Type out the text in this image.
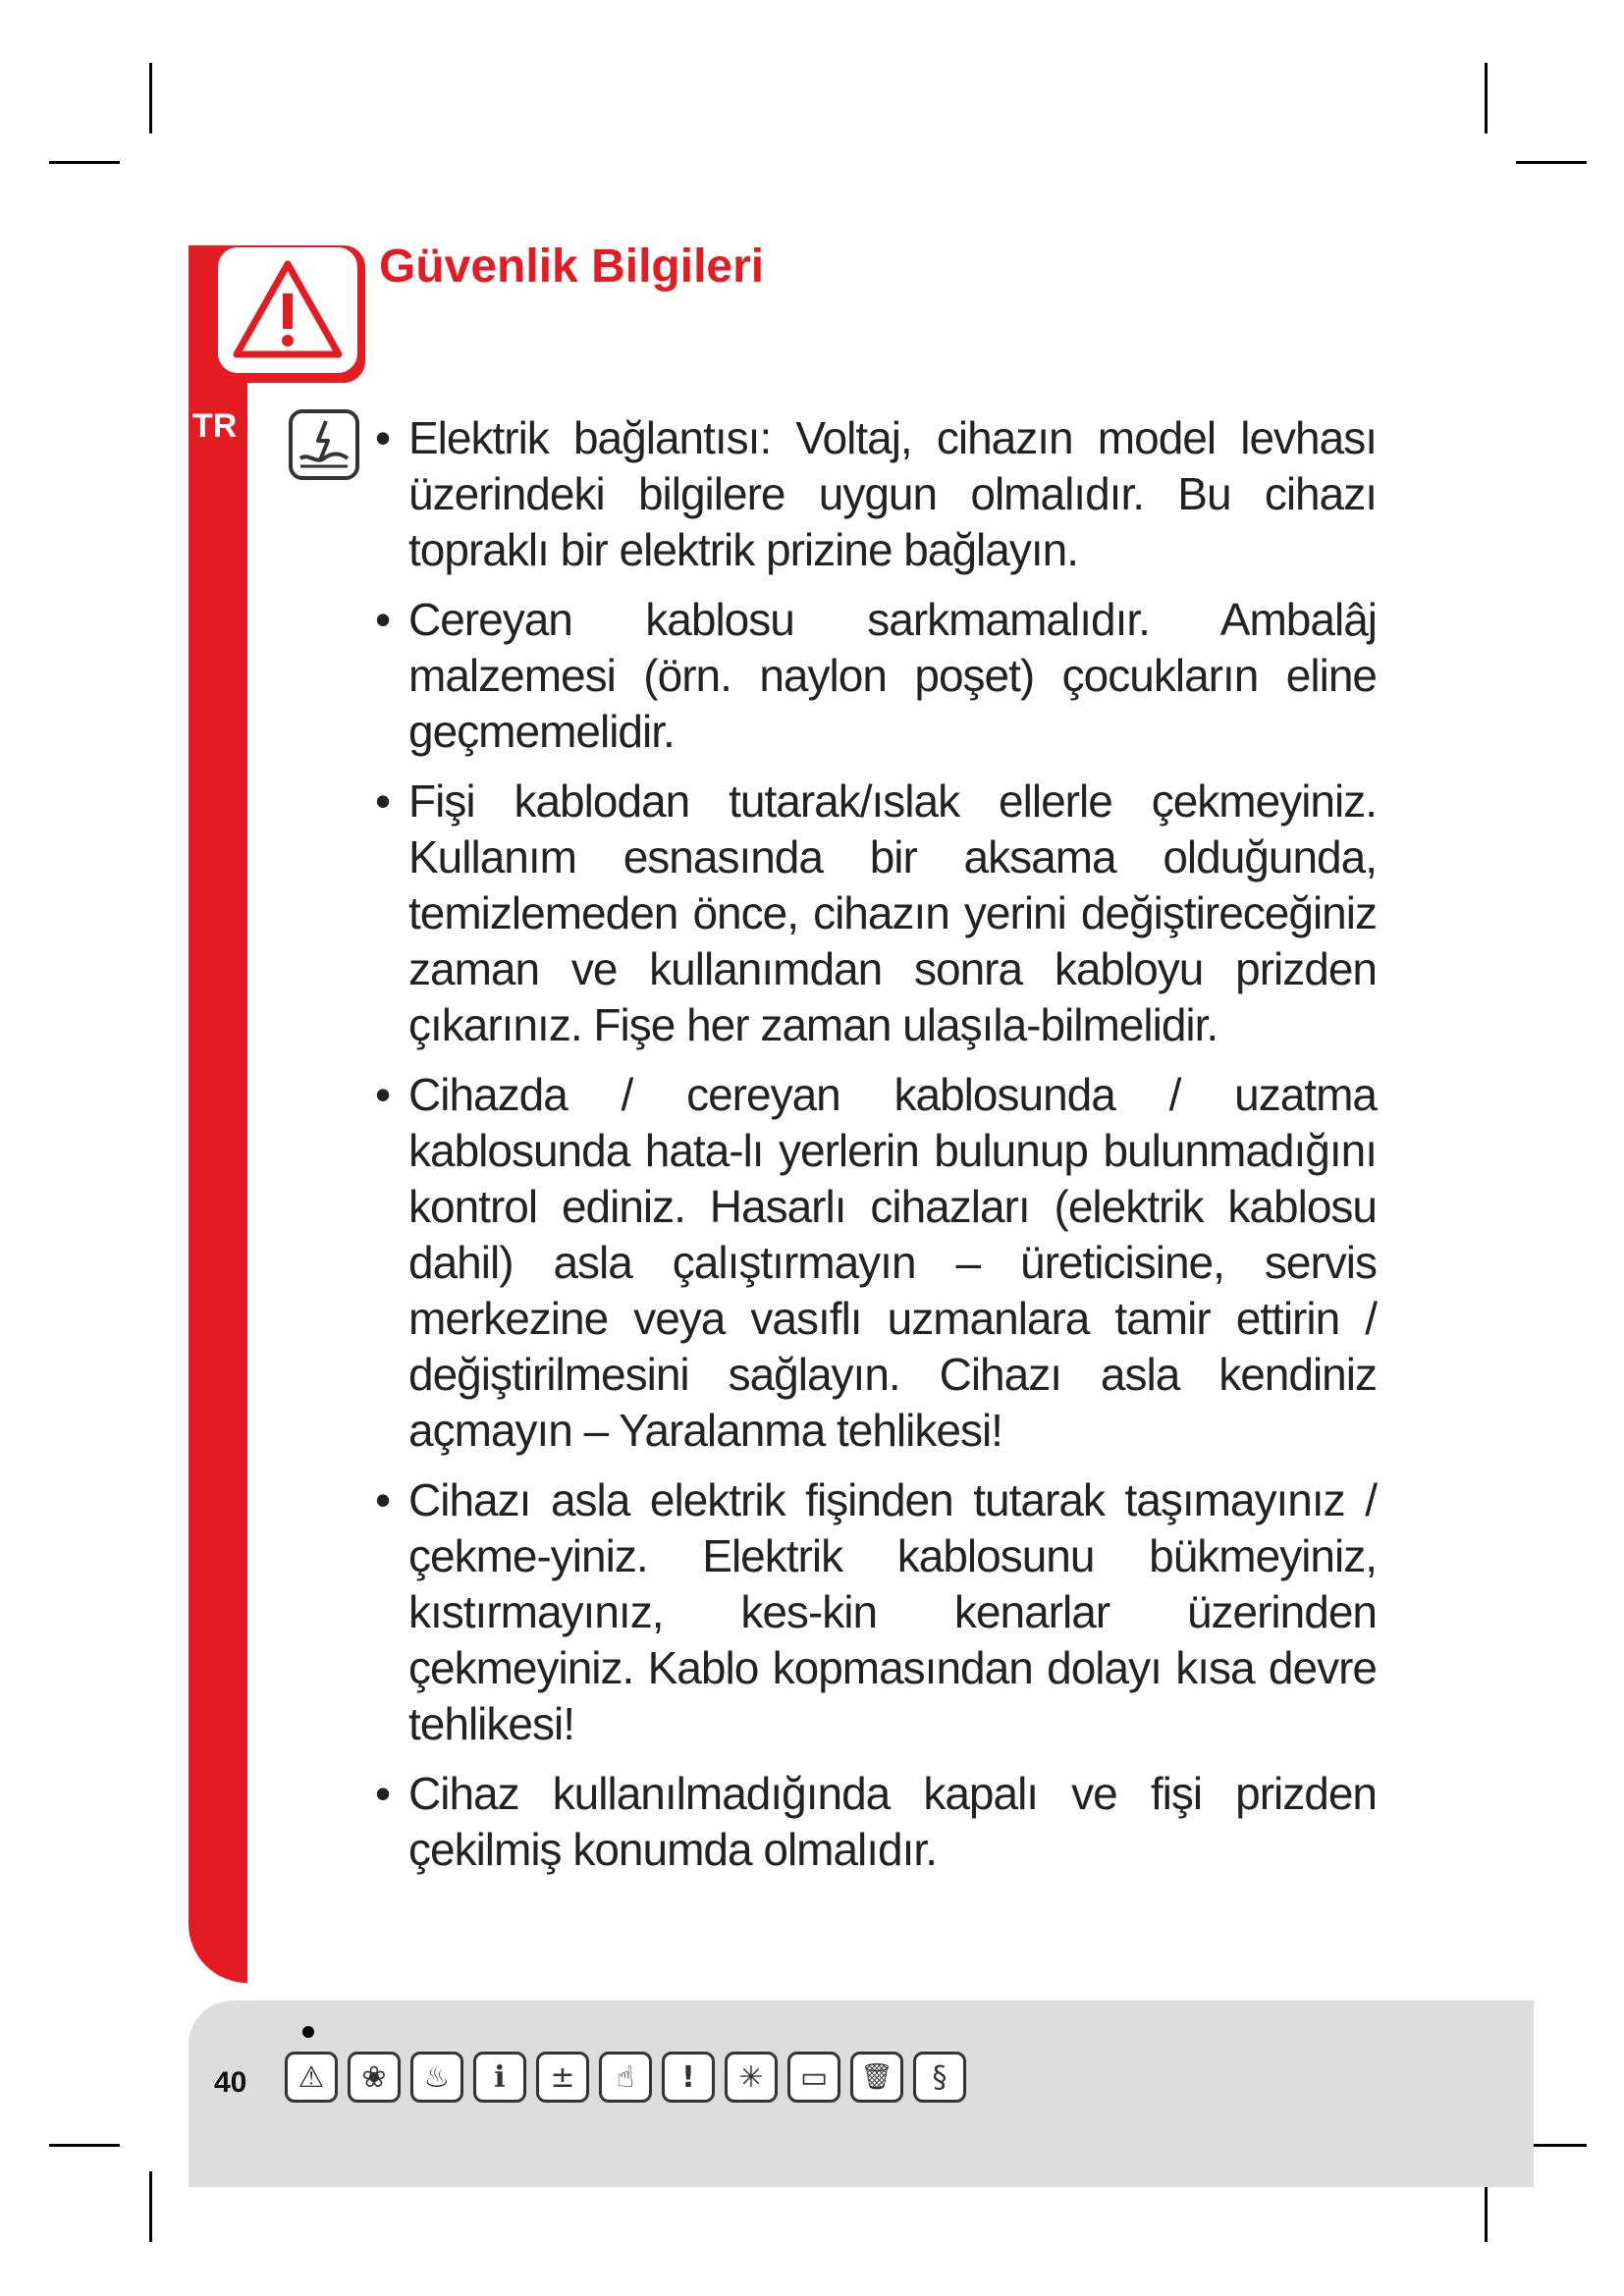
TR
Güvenlik Bilgileri
• Elektrik bağlantısı: Voltaj, cihazın model levhası üzerindeki bilgilere uygun olmalıdır. Bu cihazı topraklı bir elektrik prizine bağlayın.
• Cereyan kablosu sarkmamalıdır. Ambalâj malzemesi (örn. naylon poşet) çocukların eline geçmemelidir.
• Fişi kablodan tutarak/ıslak ellerle çekmeyiniz. Kullanım esnasında bir aksama olduğunda, temizlemeden önce, cihazın yerini değiştireceğiniz zaman ve kullanımdan sonra kabloyu prizden çıkarınız. Fişe her zaman ulaşıla-bilmelidir.
• Cihazda / cereyan kablosunda / uzatma kablosunda hata-lı yerlerin bulunup bulunmadığını kontrol ediniz. Hasarlı cihazları (elektrik kablosu dahil) asla çalıştırmayın – üreticisine, servis merkezine veya vasıflı uzmanlara tamir ettirin / değiştirilmesini sağlayın. Cihazı asla kendiniz açmayın – Yaralanma tehlikesi!
• Cihazı asla elektrik fişinden tutarak taşımayınız / çekme-yiniz. Elektrik kablosunu bükmeyiniz, kıstırmayınız, kes-kin kenarlar üzerinden çekmeyiniz. Kablo kopmasından dolayı kısa devre tehlikesi!
• Cihaz kullanılmadığında kapalı ve fişi prizden çekilmiş konumda olmalıdır.
40	⚠	❀	♨	i	±	☝	!	✳	▭	🗑	§
